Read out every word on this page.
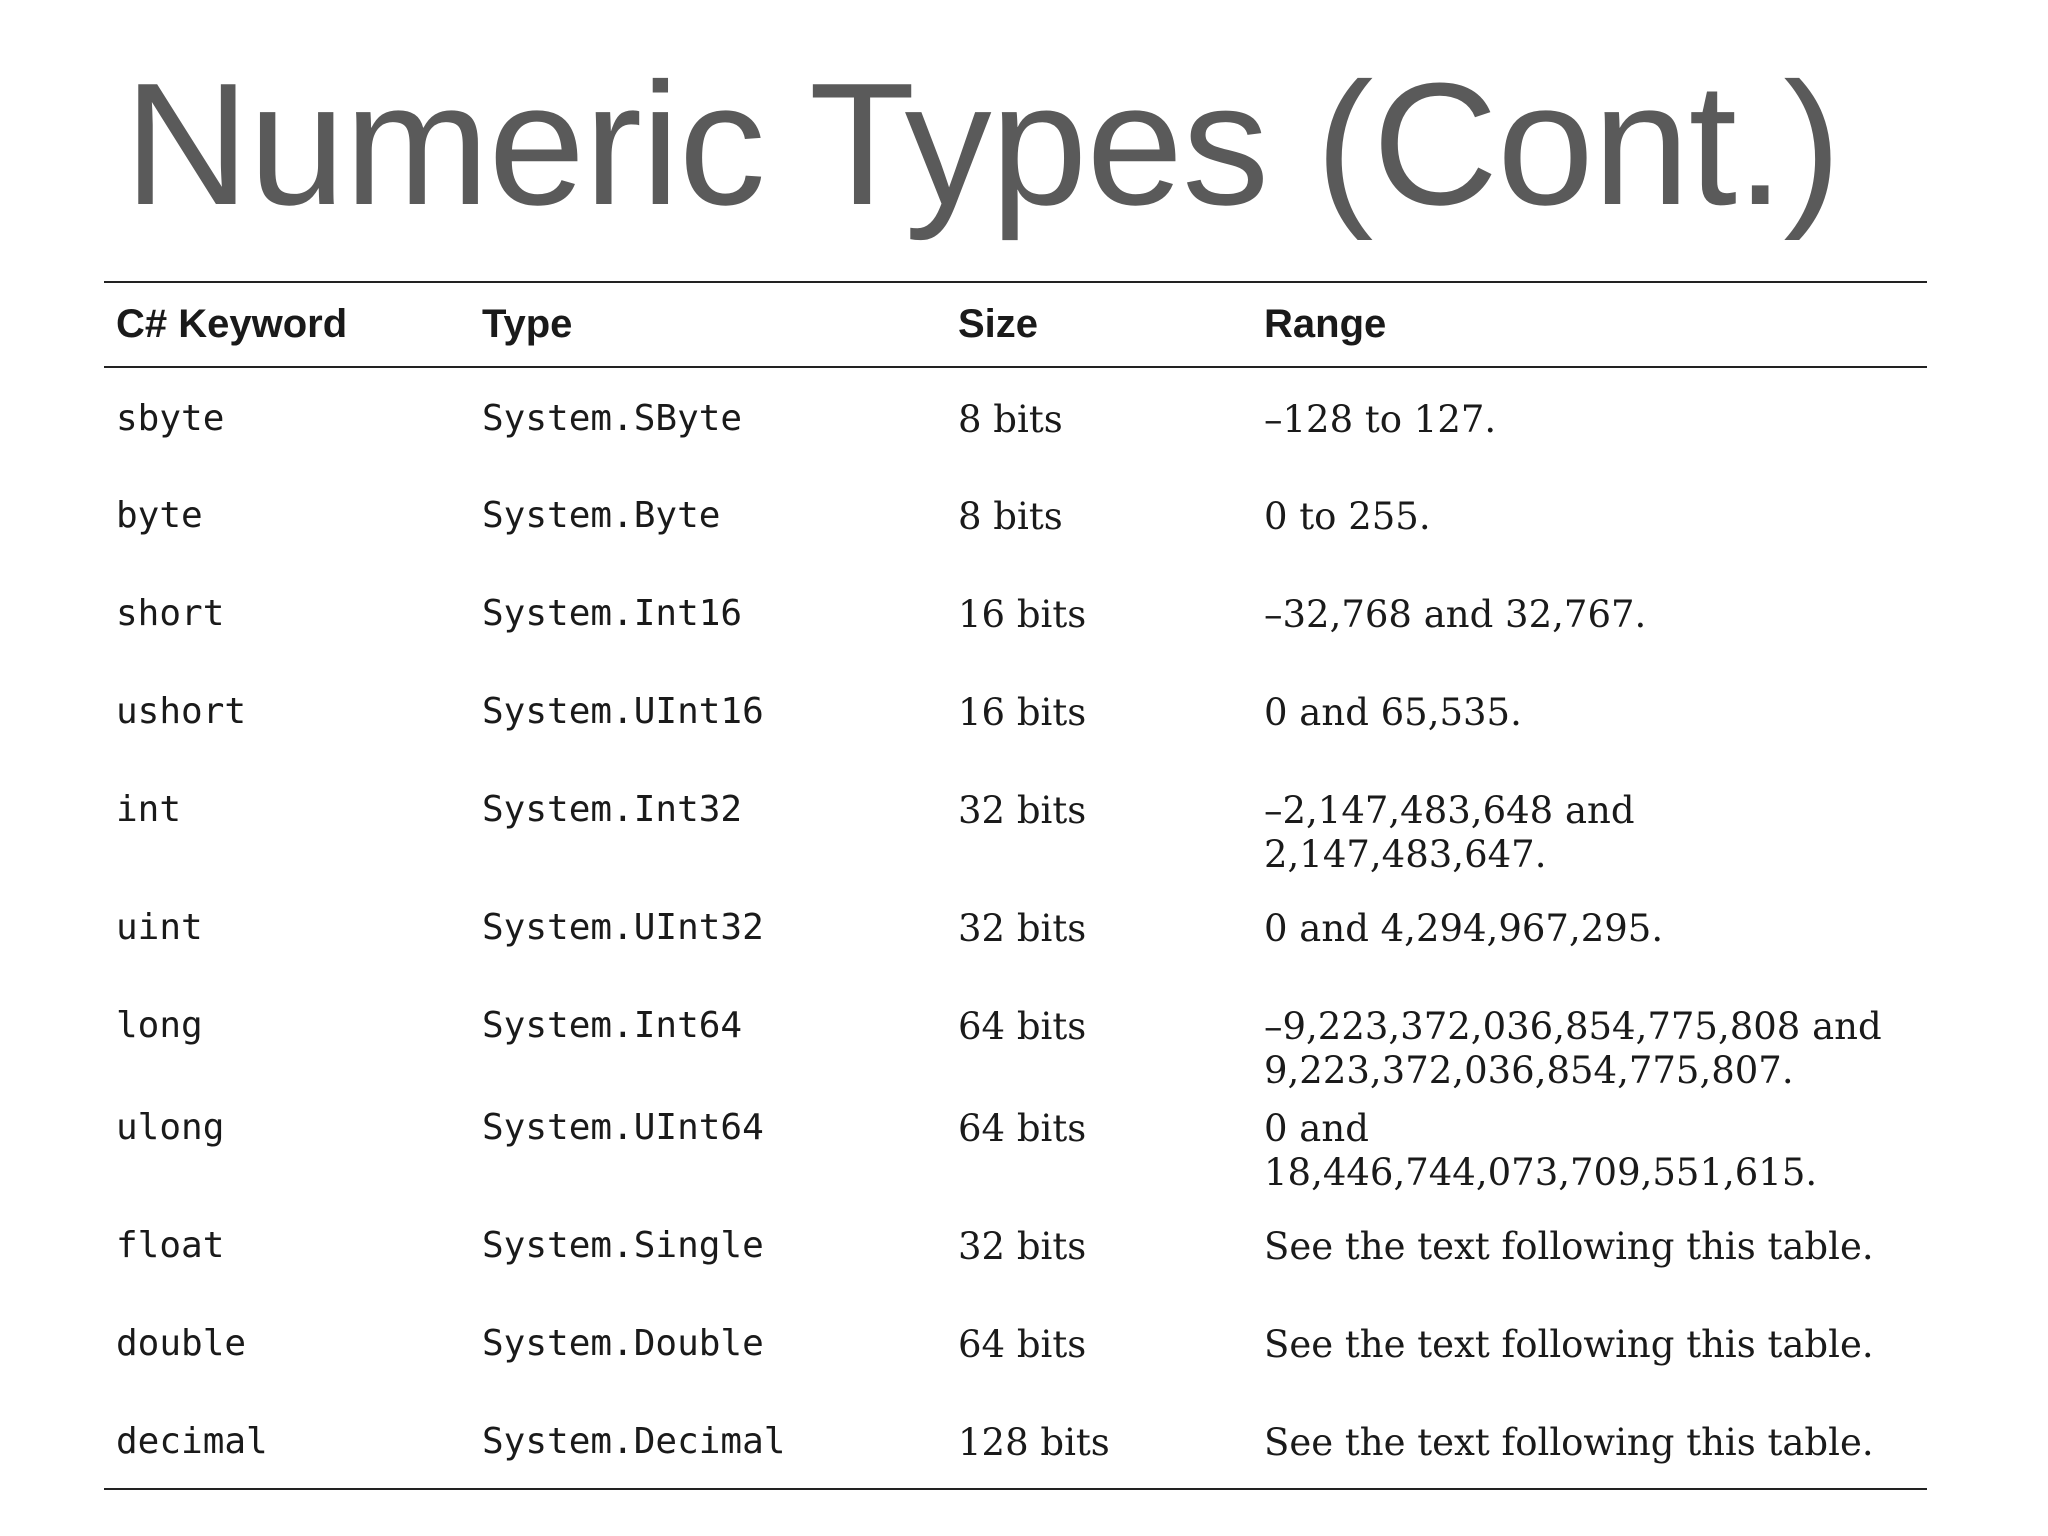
Numeric Types (Cont.)
C# Keyword	Type	Size	Range
sbyte	System.SByte	8 bits	–128 to 127.
byte	System.Byte	8 bits	0 to 255.
short	System.Int16	16 bits	–32,768 and 32,767.
ushort	System.UInt16	16 bits	0 and 65,535.
int	System.Int32	32 bits	–2,147,483,648 and 2,147,483,647.
uint	System.UInt32	32 bits	0 and 4,294,967,295.
long	System.Int64	64 bits	–9,223,372,036,854,775,808 and 9,223,372,036,854,775,807.
ulong	System.UInt64	64 bits	0 and 18,446,744,073,709,551,615.
float	System.Single	32 bits	See the text following this table.
double	System.Double	64 bits	See the text following this table.
decimal	System.Decimal	128 bits	See the text following this table.
